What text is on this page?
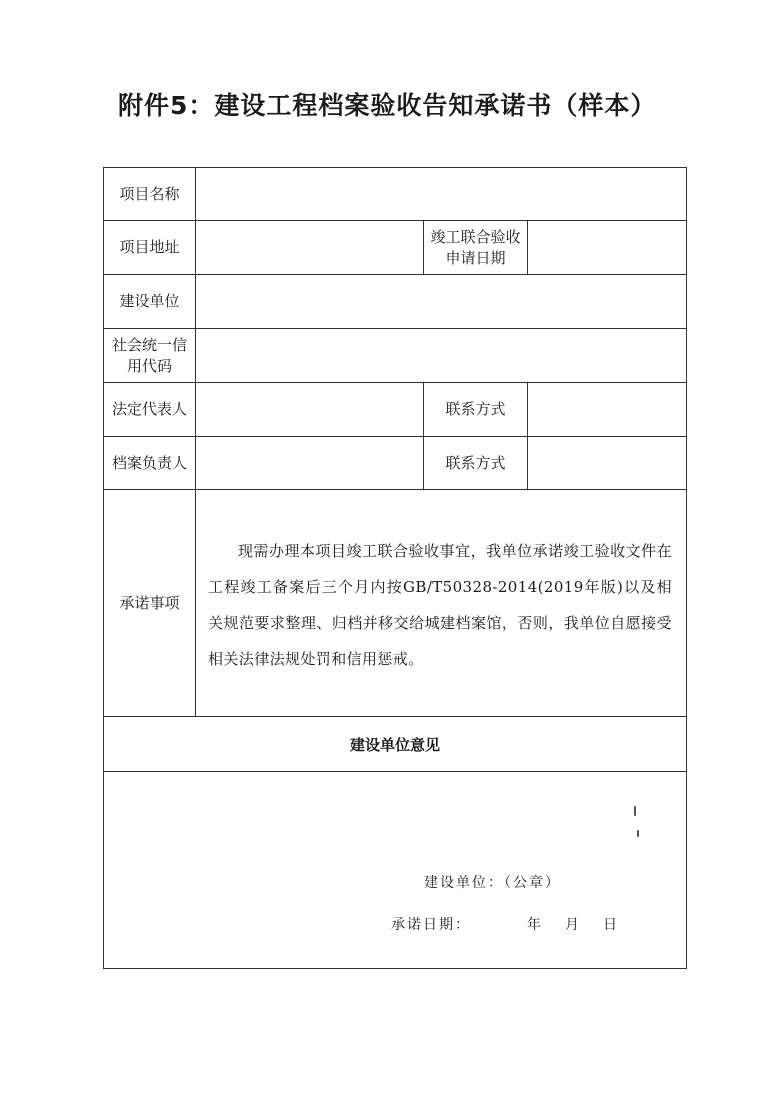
附件5：建设工程档案验收告知承诺书（样本）
项目名称			
项目地址		竣工联合验收
申请日期	

建设单位			

社会统一信
用代码			

法定代表人		联系方式	
档案负责人		联系方式	
承诺事项	现需办理本项目竣工联合验收事宜，我单位承诺竣工验收文件在工程竣工备案后三个月内按GB/T50328-2014(2019年版)以及相关规范要求整理、归档并移交给城建档案馆，否则，我单位自愿接受相关法律法规处罚和信用惩戒。		

建设单位意见			

建设单位：（公章）
承诺日期： 年 月 日			
